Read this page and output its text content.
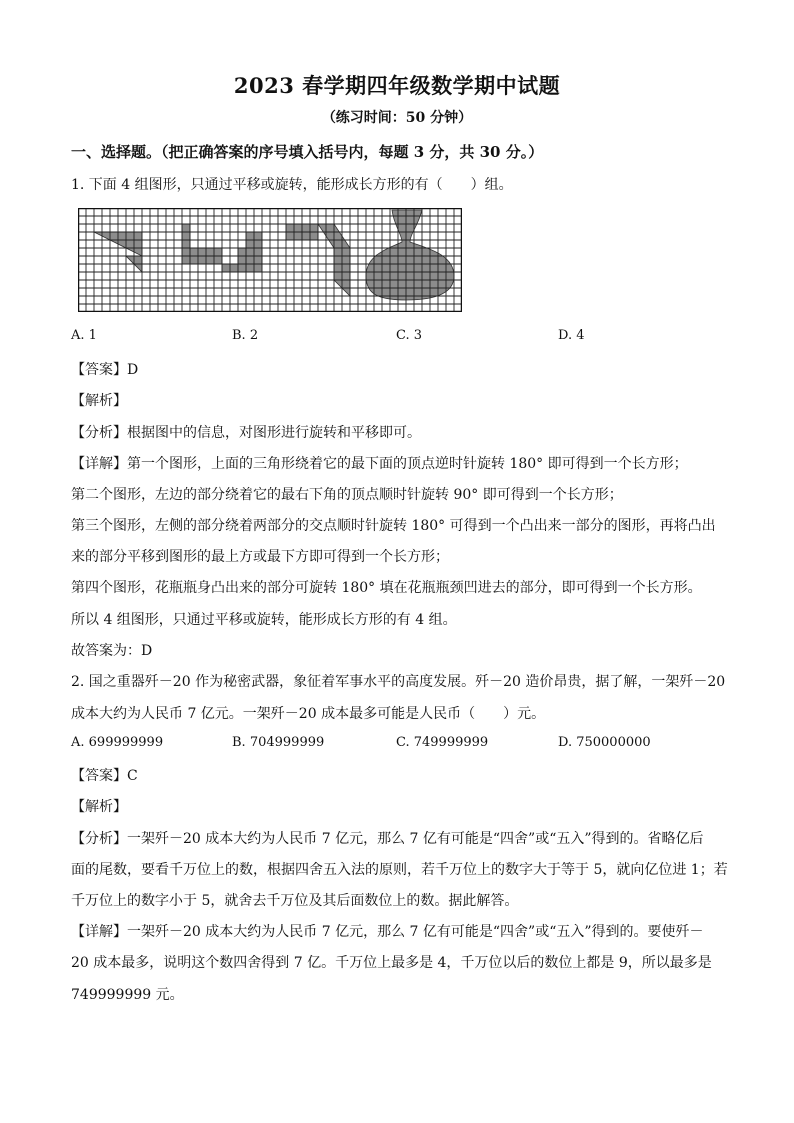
2023 春学期四年级数学期中试题
（练习时间：50 分钟）
一、选择题。（把正确答案的序号填入括号内，每题 3 分，共 30 分。）
1. 下面 4 组图形，只通过平移或旋转，能形成长方形的有（　　）组。
A. 1	B. 2	C. 3	D. 4
【答案】D
【解析】
【分析】根据图中的信息，对图形进行旋转和平移即可。
【详解】第一个图形，上面的三角形绕着它的最下面的顶点逆时针旋转 180° 即可得到一个长方形；
第二个图形，左边的部分绕着它的最右下角的顶点顺时针旋转 90° 即可得到一个长方形；
第三个图形，左侧的部分绕着两部分的交点顺时针旋转 180° 可得到一个凸出来一部分的图形，再将凸出
来的部分平移到图形的最上方或最下方即可得到一个长方形；
第四个图形，花瓶瓶身凸出来的部分可旋转 180° 填在花瓶瓶颈凹进去的部分，即可得到一个长方形。
所以 4 组图形，只通过平移或旋转，能形成长方形的有 4 组。
故答案为：D
2. 国之重器歼－20 作为秘密武器，象征着军事水平的高度发展。歼－20 造价昂贵，据了解，一架歼－20
成本大约为人民币 7 亿元。一架歼－20 成本最多可能是人民币（　　）元。
A. 699999999	B. 704999999	C. 749999999	D. 750000000
【答案】C
【解析】
【分析】一架歼－20 成本大约为人民币 7 亿元，那么 7 亿有可能是“四舍”或“五入”得到的。省略亿后
面的尾数，要看千万位上的数，根据四舍五入法的原则，若千万位上的数字大于等于 5，就向亿位进 1；若
千万位上的数字小于 5，就舍去千万位及其后面数位上的数。据此解答。
【详解】一架歼－20 成本大约为人民币 7 亿元，那么 7 亿有可能是“四舍”或“五入”得到的。要使歼－
20 成本最多，说明这个数四舍得到 7 亿。千万位上最多是 4，千万位以后的数位上都是 9，所以最多是
749999999 元。
